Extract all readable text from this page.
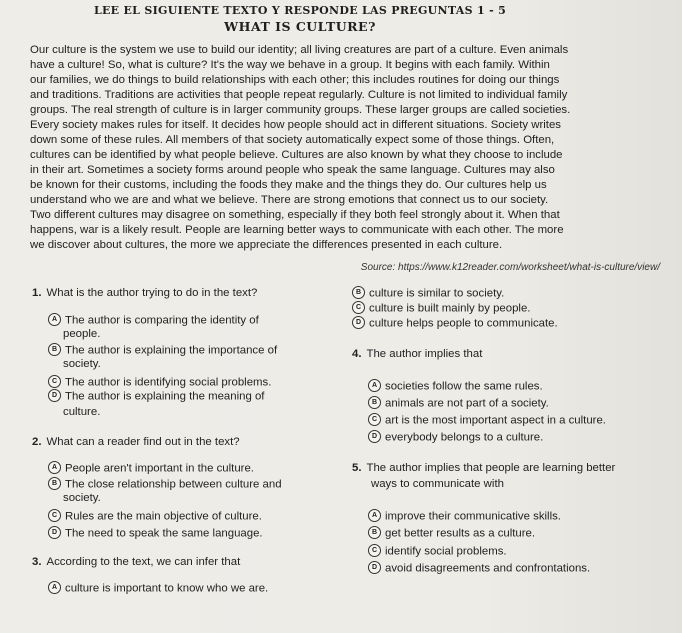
LEE EL SIGUIENTE TEXTO Y RESPONDE LAS PREGUNTAS 1 - 5
WHAT IS CULTURE?
Our culture is the system we use to build our identity; all living creatures are part of a culture. Even animals
have a culture! So, what is culture? It's the way we behave in a group. It begins with each family. Within
our families, we do things to build relationships with each other; this includes routines for doing our things
and traditions. Traditions are activities that people repeat regularly. Culture is not limited to individual family
groups. The real strength of culture is in larger community groups. These larger groups are called societies.
Every society makes rules for itself. It decides how people should act in different situations. Society writes
down some of these rules. All members of that society automatically expect some of those things. Often,
cultures can be identified by what people believe. Cultures are also known by what they choose to include
in their art. Sometimes a society forms around people who speak the same language. Cultures may also
be known for their customs, including the foods they make and the things they do. Our cultures help us
understand who we are and what we believe. There are strong emotions that connect us to our society.
Two different cultures may disagree on something, especially if they both feel strongly about it. When that
happens, war is a likely result. People are learning better ways to communicate with each other. The more
we discover about cultures, the more we appreciate the differences presented in each culture.
Source: https://www.k12reader.com/worksheet/what-is-culture/view/
1. What is the author trying to do in the text?
A The author is comparing the identity of
people.
B The author is explaining the importance of
society.
C The author is identifying social problems.
D The author is explaining the meaning of
culture.
2. What can a reader find out in the text?
A People aren't important in the culture.
B The close relationship between culture and
society.
C Rules are the main objective of culture.
D The need to speak the same language.
3. According to the text, we can infer that
A culture is important to know who we are.
B culture is similar to society.
C culture is built mainly by people.
D culture helps people to communicate.
4. The author implies that
A societies follow the same rules.
B animals are not part of a society.
C art is the most important aspect in a culture.
D everybody belongs to a culture.
5. The author implies that people are learning better
ways to communicate with
A improve their communicative skills.
B get better results as a culture.
C identify social problems.
D avoid disagreements and confrontations.
